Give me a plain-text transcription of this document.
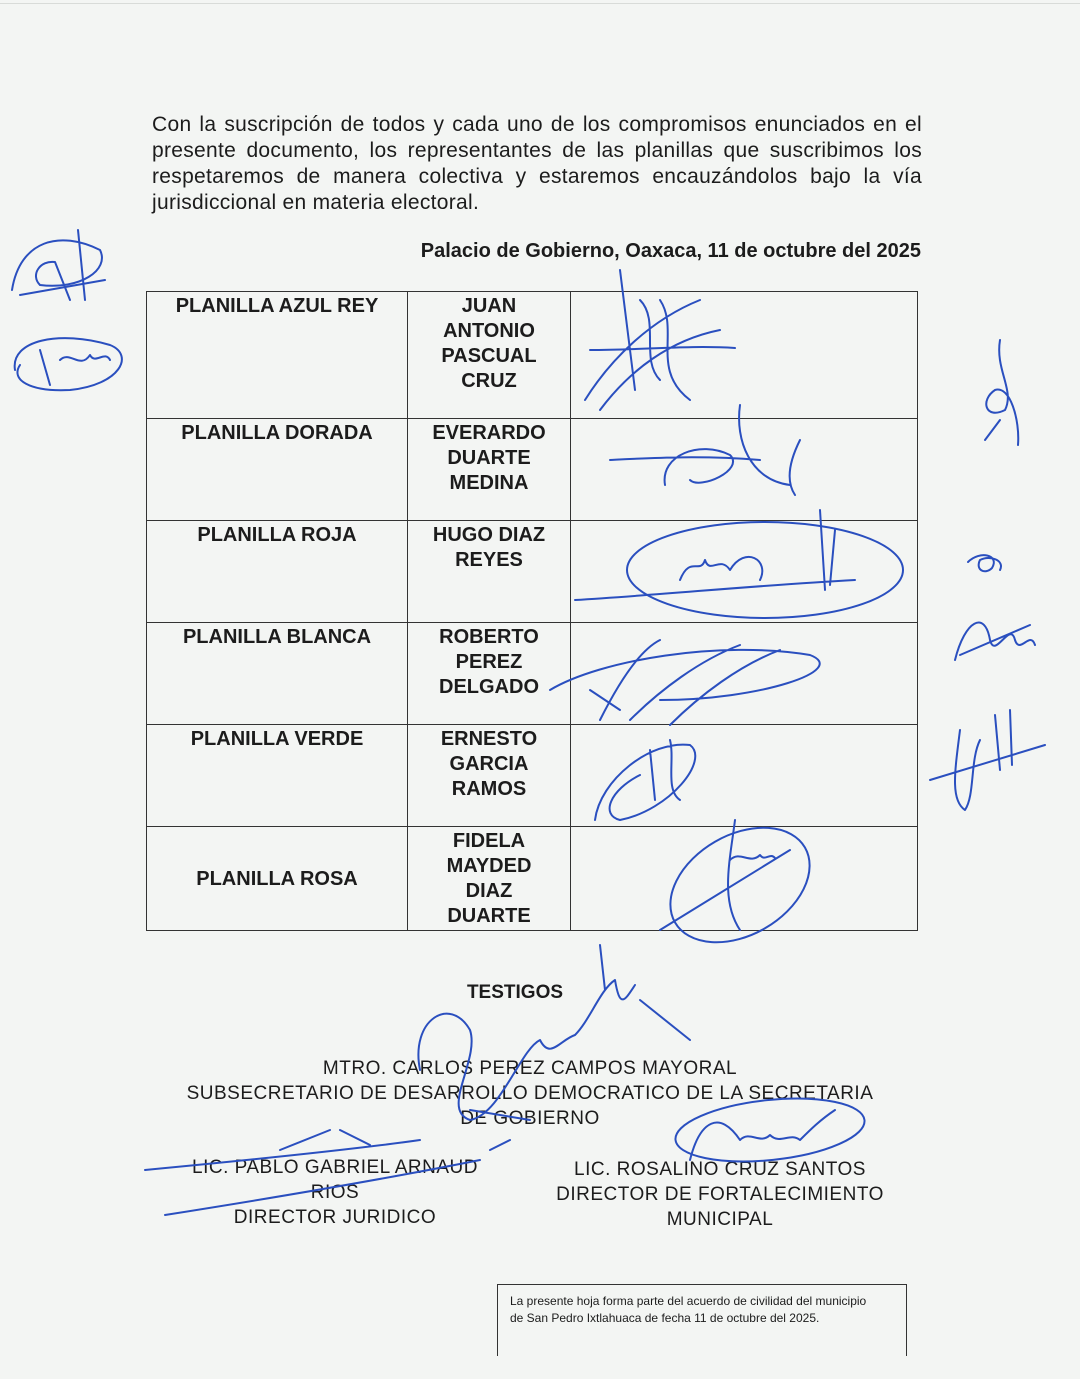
Con la suscripción de todos y cada uno de los compromisos enunciados en el presente documento, los representantes de las planillas que suscribimos los respetaremos de manera colectiva y estaremos encauzándolos bajo la vía jurisdiccional en materia electoral.

Palacio de Gobierno, Oaxaca, 11 de octubre del 2025
PLANILLA AZUL REY	JUAN
ANTONIO
PASCUAL
CRUZ	

PLANILLA DORADA	EVERARDO
DUARTE
MEDINA	

PLANILLA ROJA	HUGO DIAZ
REYES	

PLANILLA BLANCA	ROBERTO
PEREZ
DELGADO	

PLANILLA VERDE	ERNESTO
GARCIA
RAMOS	

PLANILLA ROSA	FIDELA
MAYDED
DIAZ
DUARTE	

TESTIGOS
MTRO. CARLOS PEREZ CAMPOS MAYORAL
SUBSECRETARIO DE DESARROLLO DEMOCRATICO DE LA SECRETARIA
DE GOBIERNO
LIC. PABLO GABRIEL ARNAUD
RIOS
DIRECTOR JURIDICO
LIC. ROSALINO CRUZ SANTOS
DIRECTOR DE FORTALECIMIENTO
MUNICIPAL
La presente hoja forma parte del acuerdo de civilidad del municipio
de San Pedro Ixtlahuaca de fecha 11 de octubre del 2025.
